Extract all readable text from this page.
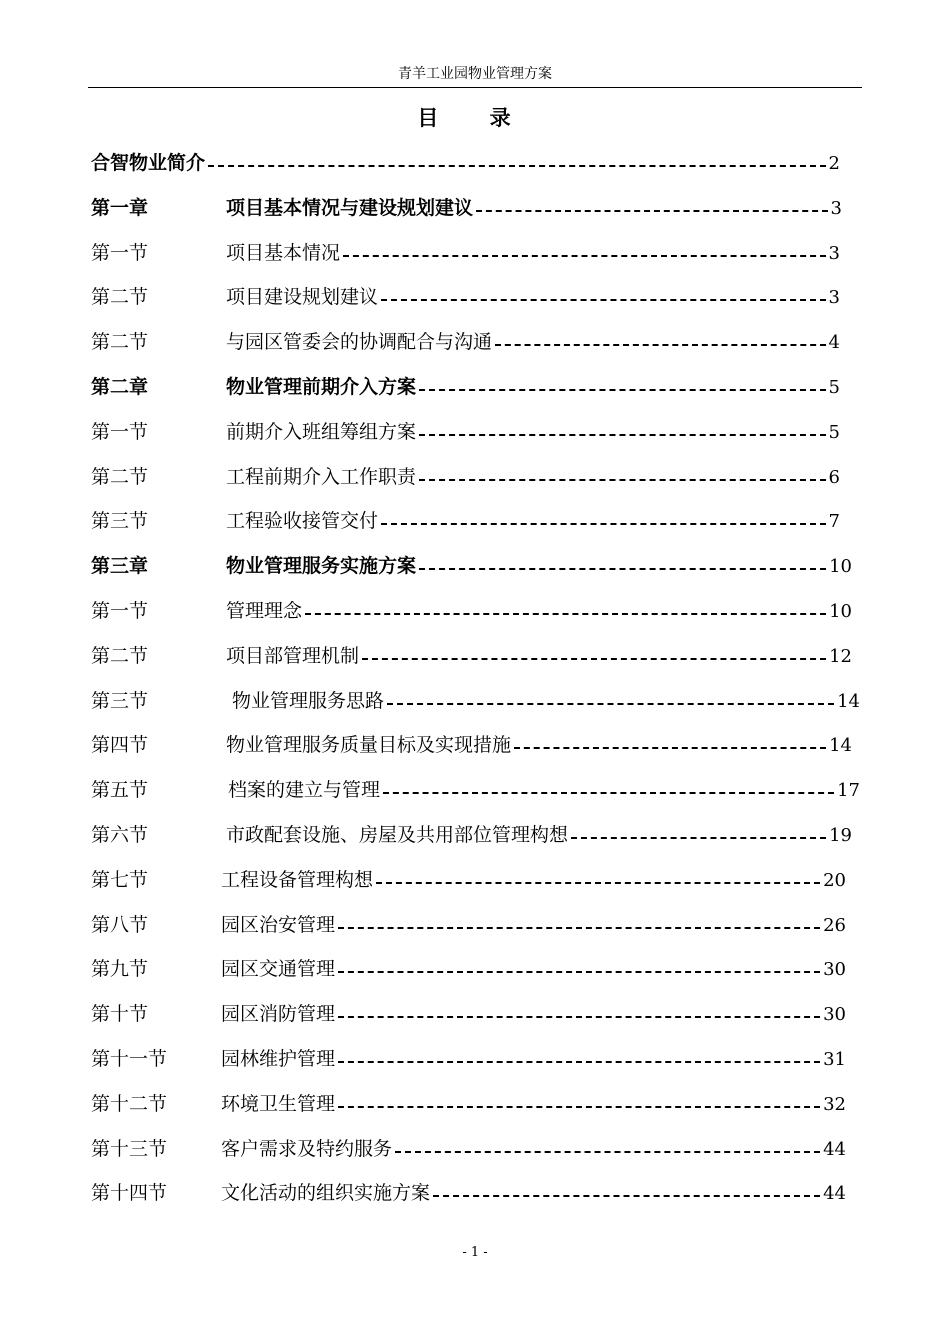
青羊工业园物业管理方案
目 录
合智物业简介	2
第一章	项目基本情况与建设规划建议	3
第一节	项目基本情况	3
第二节	项目建设规划建议	3
第二节	与园区管委会的协调配合与沟通	4
第二章	物业管理前期介入方案	5
第一节	前期介入班组筹组方案	5
第二节	工程前期介入工作职责	6
第三节	工程验收接管交付	7
第三章	物业管理服务实施方案	10
第一节	管理理念	10
第二节	项目部管理机制	12
第三节	物业管理服务思路	14
第四节	物业管理服务质量目标及实现措施	14
第五节	档案的建立与管理	17
第六节	市政配套设施、房屋及共用部位管理构想	19
第七节	工程设备管理构想	20
第八节	园区治安管理	26
第九节	园区交通管理	30
第十节	园区消防管理	30
第十一节	园林维护管理	31
第十二节	环境卫生管理	32
第十三节	客户需求及特约服务	44
第十四节	文化活动的组织实施方案	44
- 1 -
